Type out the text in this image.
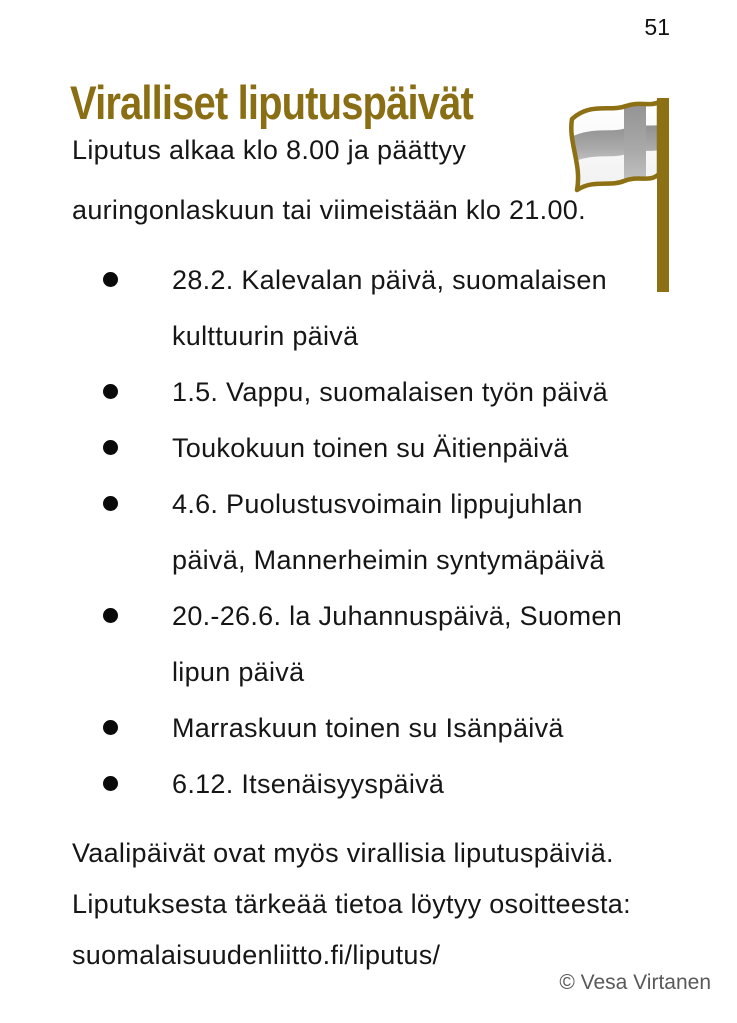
51
Viralliset liputuspäivät
Liputus alkaa klo 8.00 ja päättyy
auringonlaskuun tai viimeistään klo 21.00.
28.2. Kalevalan päivä, suomalaisen
kulttuurin päivä
1.5. Vappu, suomalaisen työn päivä
Toukokuun toinen su Äitienpäivä
4.6. Puolustusvoimain lippujuhlan
päivä, Mannerheimin syntymäpäivä
20.-26.6. la Juhannuspäivä, Suomen
lipun päivä
Marraskuun toinen su Isänpäivä
6.12. Itsenäisyyspäivä
Vaalipäivät ovat myös virallisia liputuspäiviä.
Liputuksesta tärkeää tietoa löytyy osoitteesta:
suomalaisuudenliitto.fi/liputus/
© Vesa Virtanen
